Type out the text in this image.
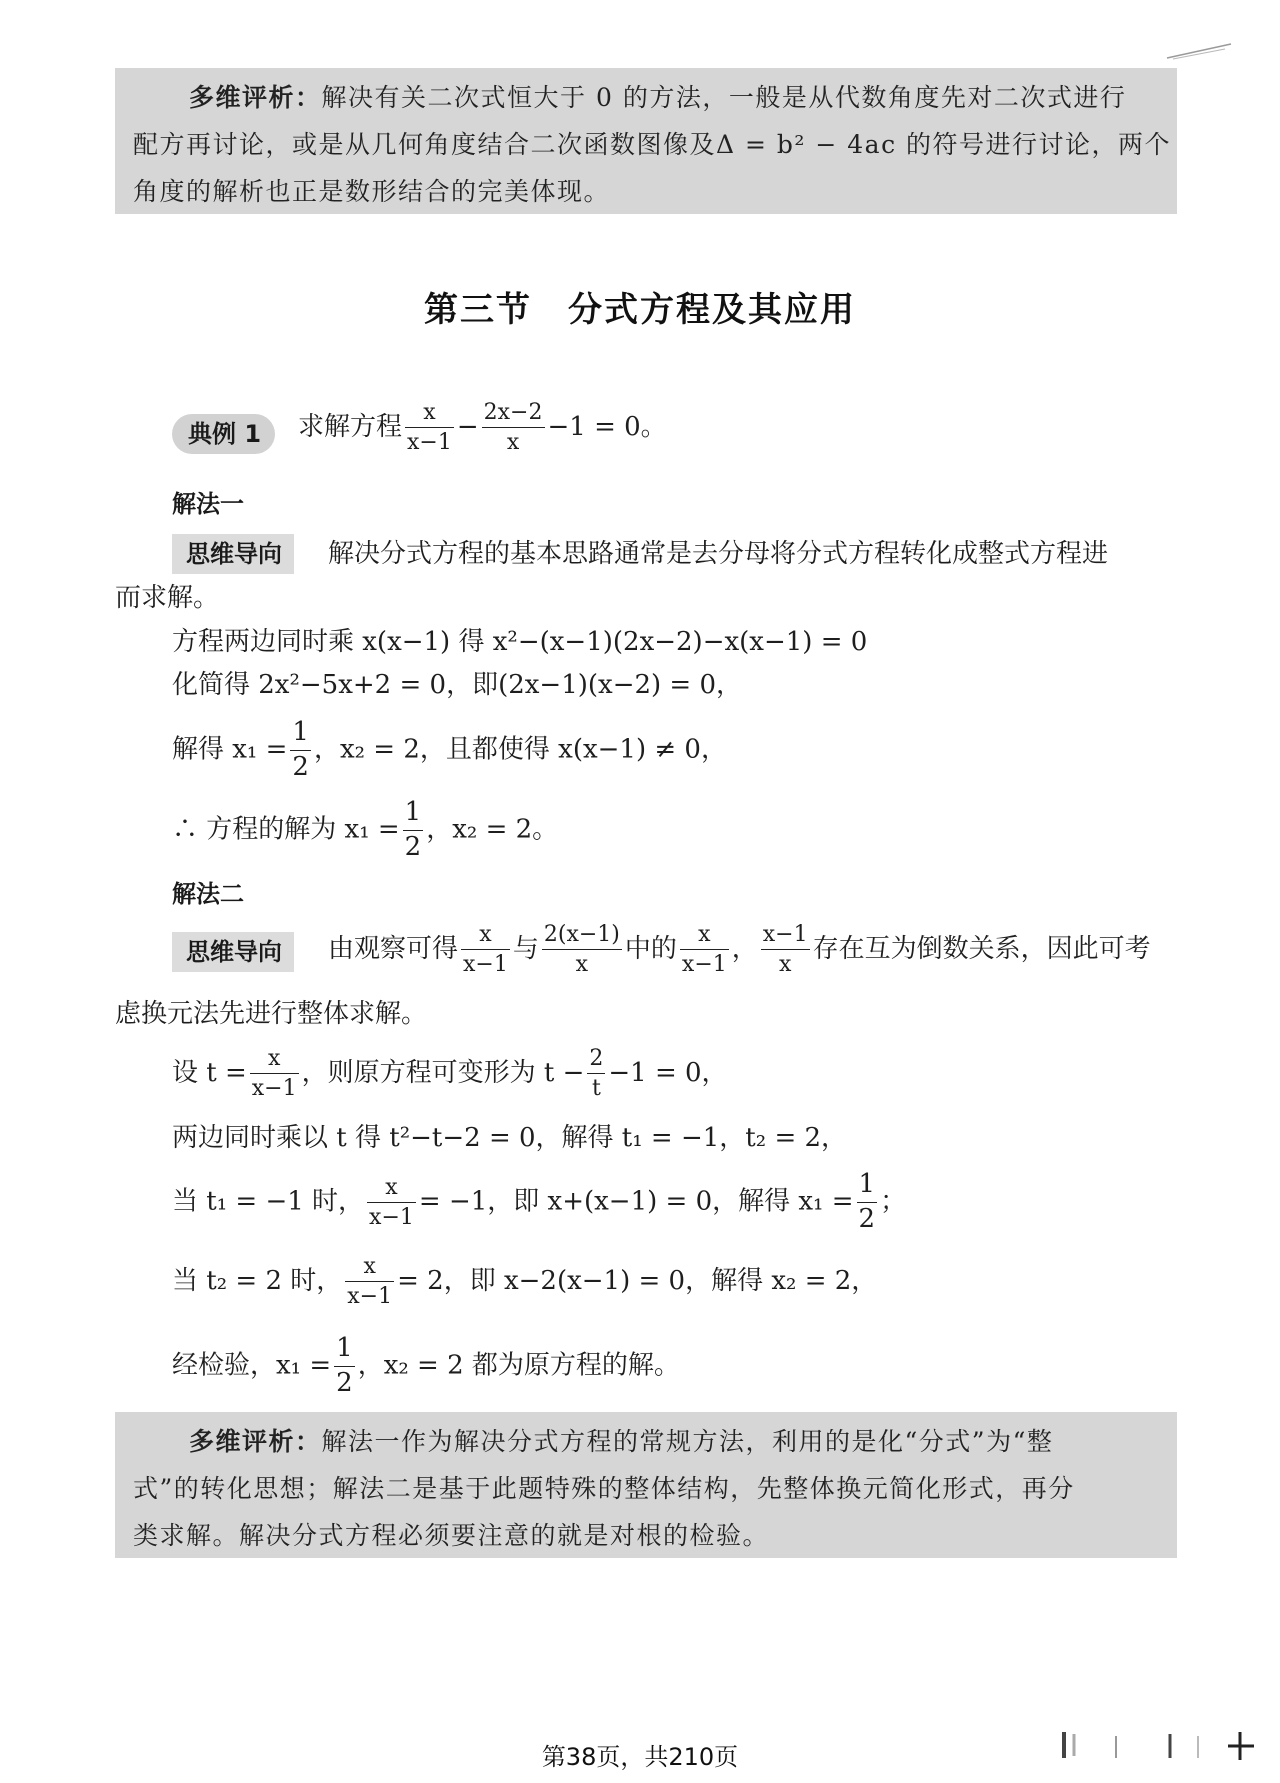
多维评析：解决有关二次式恒大于 0 的方法，一般是从代数角度先对二次式进行
配方再讨论，或是从几何角度结合二次函数图像及Δ = b² − 4ac 的符号进行讨论，两个
角度的解析也正是数形结合的完美体现。
第三节 分式方程及其应用
典例 1	求解方程 $\frac{x}{x-1} - \frac{2x-2}{x} -1 = 0$。
解法一
思维导向	解决分式方程的基本思路通常是去分母将分式方程转化成整式方程进
而求解。
方程两边同时乘 x(x−1) 得 x²−(x−1)(2x−2)−x(x−1) = 0
化简得 2x²−5x+2 = 0，即(2x−1)(x−2) = 0，
解得 $x_1 = \frac{1}{2}$ ，x₂ = 2，且都使得 x(x−1) ≠ 0，
∴ 方程的解为 $x_1 = \frac{1}{2}$ ，x₂ = 2。
解法二
思维导向	由观察可得 $\frac{x}{x-1}$ 与 $\frac{2(x-1)}{x}$ 中的 $\frac{x}{x-1}$ ， $\frac{x-1}{x}$ 存在互为倒数关系，因此可考
虑换元法先进行整体求解。
设 $t = \frac{x}{x-1}$ ，则原方程可变形为 $t - \frac{2}{t} -1 = 0$，
两边同时乘以 t 得 t²−t−2 = 0，解得 t₁ = −1，t₂ = 2，
当 t₁ = −1 时， $\frac{x}{x-1} = -1$，即 x+(x−1) = 0，解得 $x_1 = \frac{1}{2}$ ；
当 t₂ = 2 时， $\frac{x}{x-1} = 2$，即 x−2(x−1) = 0，解得 x₂ = 2，
经检验，$x_1 = \frac{1}{2}$ ，x₂ = 2 都为原方程的解。
多维评析：解法一作为解决分式方程的常规方法，利用的是化“分式”为“整
式”的转化思想；解法二是基于此题特殊的整体结构，先整体换元简化形式，再分
类求解。解决分式方程必须要注意的就是对根的检验。
第38页，共210页
